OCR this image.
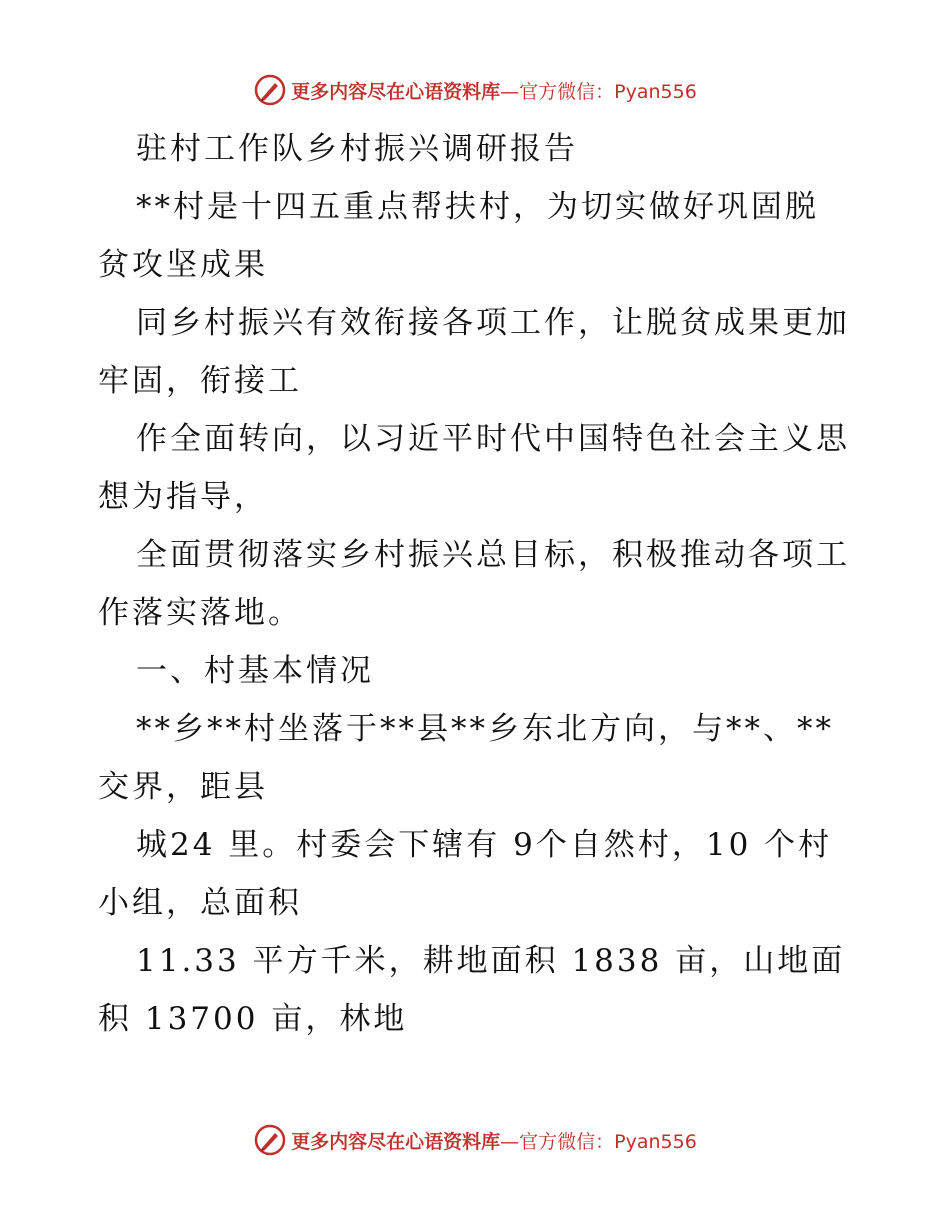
更多内容尽在心语资料库—官方微信：Pyan556

驻村工作队乡村振兴调研报告

**村是十四五重点帮扶村，为切实做好巩固脱贫攻坚成果

同乡村振兴有效衔接各项工作，让脱贫成果更加牢固，衔接工

作全面转向，以习近平时代中国特色社会主义思想为指导，

全面贯彻落实乡村振兴总目标，积极推动各项工作落实落地。

一、村基本情况

**乡**村坐落于**县**乡东北方向，与**、**交界，距县

城24 里。村委会下辖有 9个自然村，10 个村小组，总面积

11.33 平方千米，耕地面积 1838 亩，山地面积 13700 亩，林地

更多内容尽在心语资料库—官方微信：Pyan556
